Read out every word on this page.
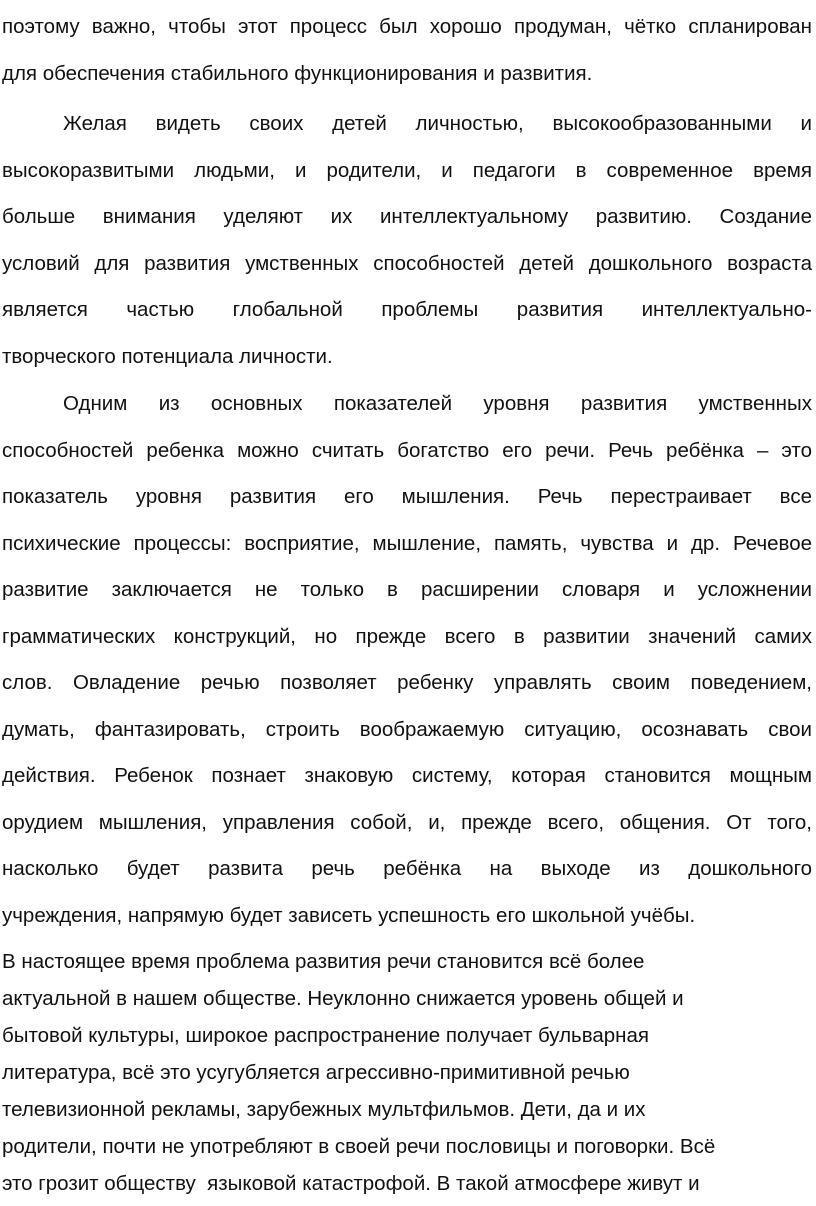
поэтому важно, чтобы этот процесс был хорошо продуман, чётко спланирован
для обеспечения стабильного функционирования и развития.
Желая видеть своих детей личностью, высокообразованными и
высокоразвитыми людьми, и родители, и педагоги в современное время
больше внимания уделяют их интеллектуальному развитию. Создание
условий для развития умственных способностей детей дошкольного возраста
является частью глобальной проблемы развития интеллектуально-
творческого потенциала личности.
Одним из основных показателей уровня развития умственных
способностей ребенка можно считать богатство его речи. Речь ребёнка – это
показатель уровня развития его мышления. Речь перестраивает все
психические процессы: восприятие, мышление, память, чувства и др. Речевое
развитие заключается не только в расширении словаря и усложнении
грамматических конструкций, но прежде всего в развитии значений самих
слов. Овладение речью позволяет ребенку управлять своим поведением,
думать, фантазировать, строить воображаемую ситуацию, осознавать свои
действия. Ребенок познает знаковую систему, которая становится мощным
орудием мышления, управления собой, и, прежде всего, общения. От того,
насколько будет развита речь ребёнка на выходе из дошкольного
учреждения, напрямую будет зависеть успешность его школьной учёбы.
В настоящее время проблема развития речи становится всё более
актуальной в нашем обществе. Неуклонно снижается уровень общей и
бытовой культуры, широкое распространение получает бульварная
литература, всё это усугубляется агрессивно-примитивной речью
телевизионной рекламы, зарубежных мультфильмов. Дети, да и их
родители, почти не употребляют в своей речи пословицы и поговорки. Всё
это грозит обществу  языковой катастрофой. В такой атмосфере живут и
